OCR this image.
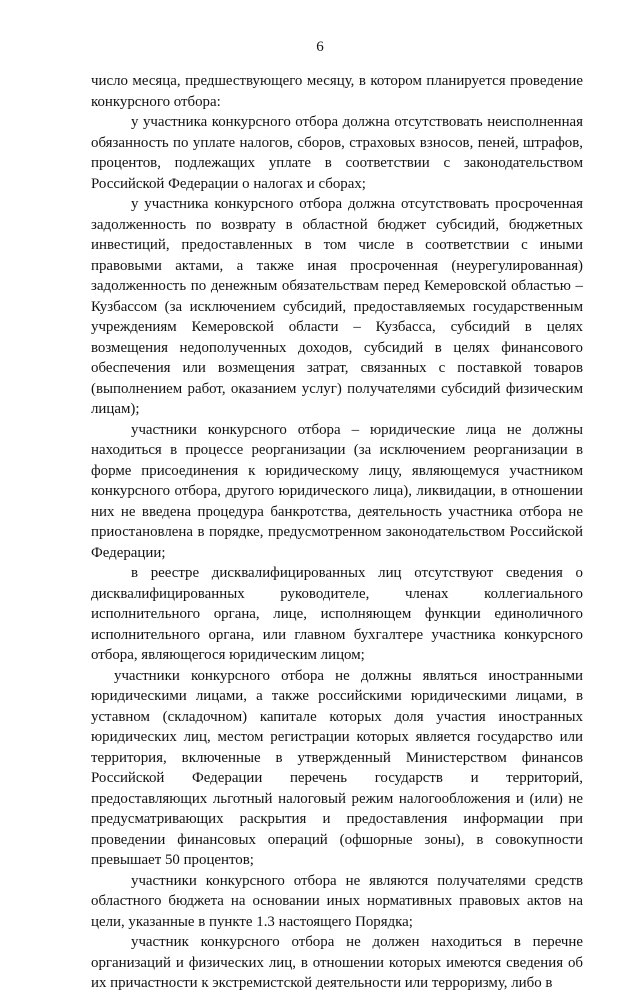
6

число месяца, предшествующего месяцу, в котором планируется проведение конкурсного отбора:

у участника конкурсного отбора должна отсутствовать неисполненная обязанность по уплате налогов, сборов, страховых взносов, пеней, штрафов, процентов, подлежащих уплате в соответствии с законодательством Российской Федерации о налогах и сборах;

у участника конкурсного отбора должна отсутствовать просроченная задолженность по возврату в областной бюджет субсидий, бюджетных инвестиций, предоставленных в том числе в соответствии с иными правовыми актами, а также иная просроченная (неурегулированная) задолженность по денежным обязательствам перед Кемеровской областью – Кузбассом (за исключением субсидий, предоставляемых государственным учреждениям Кемеровской области – Кузбасса, субсидий в целях возмещения недополученных доходов, субсидий в целях финансового обеспечения или возмещения затрат, связанных с поставкой товаров (выполнением работ, оказанием услуг) получателями субсидий физическим лицам);

участники конкурсного отбора – юридические лица не должны находиться в процессе реорганизации (за исключением реорганизации в форме присоединения к юридическому лицу, являющемуся участником конкурсного отбора, другого юридического лица), ликвидации, в отношении них не введена процедура банкротства, деятельность участника отбора не приостановлена в порядке, предусмотренном законодательством Российской Федерации;

в реестре дисквалифицированных лиц отсутствуют сведения о дисквалифицированных руководителе, членах коллегиального исполнительного органа, лице, исполняющем функции единоличного исполнительного органа, или главном бухгалтере участника конкурсного отбора, являющегося юридическим лицом;

участники конкурсного отбора не должны являться иностранными юридическими лицами, а также российскими юридическими лицами, в уставном (складочном) капитале которых доля участия иностранных юридических лиц, местом регистрации которых является государство или территория, включенные в утвержденный Министерством финансов Российской Федерации перечень государств и территорий, предоставляющих льготный налоговый режим налогообложения и (или) не предусматривающих раскрытия и предоставления информации при проведении финансовых операций (офшорные зоны), в совокупности превышает 50 процентов;

участники конкурсного отбора не являются получателями средств областного бюджета на основании иных нормативных правовых актов на цели, указанные в пункте 1.3 настоящего Порядка;

участник конкурсного отбора не должен находиться в перечне организаций и физических лиц, в отношении которых имеются сведения об их причастности к экстремистской деятельности или терроризму, либо в
